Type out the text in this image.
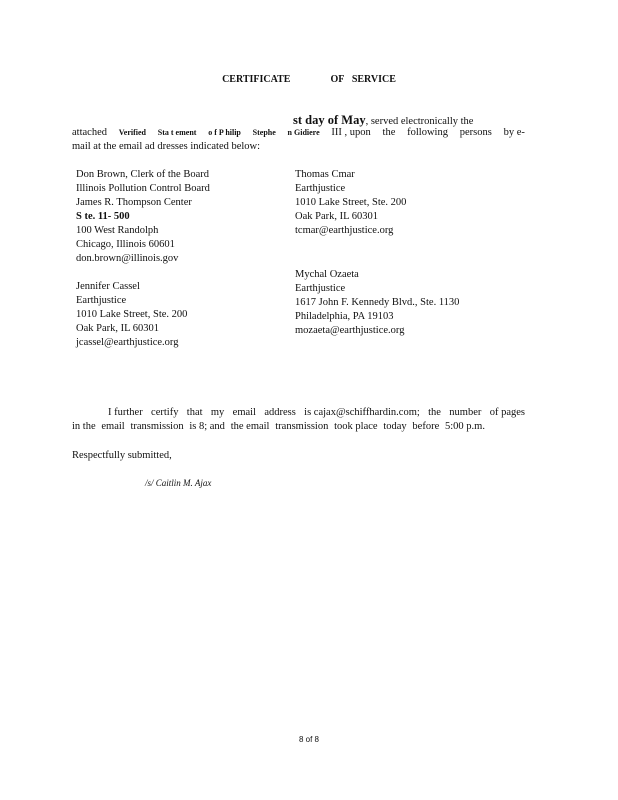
CERTIFICATE	OF SERVICE
st day of May, served electronically the
attached Verified Sta t ement o f P hilip Stephe n Gidiere III , upon the following persons by e-
mail at the email ad dresses indicated below:
Don Brown, Clerk of the Board
Illinois Pollution Control Board
James R. Thompson Center
S te. 11- 500
100 West Randolph
Chicago, Illinois 60601
don.brown@illinois.gov
Jennifer Cassel
Earthjustice
1010 Lake Street, Ste. 200
Oak Park, IL 60301
jcassel@earthjustice.org
Thomas Cmar
Earthjustice
1010 Lake Street, Ste. 200
Oak Park, IL 60301
tcmar@earthjustice.org
Mychal Ozaeta
Earthjustice
1617 John F. Kennedy Blvd., Ste. 1130
Philadelphia, PA 19103
mozaeta@earthjustice.org
I further certify that my email address is cajax@schiffhardin.com; the number of pages
in the email transmission is 8; and the email transmission took place today before 5:00 p.m.
Respectfully submitted,
/s/ Caitlin M. Ajax
8 of 8
